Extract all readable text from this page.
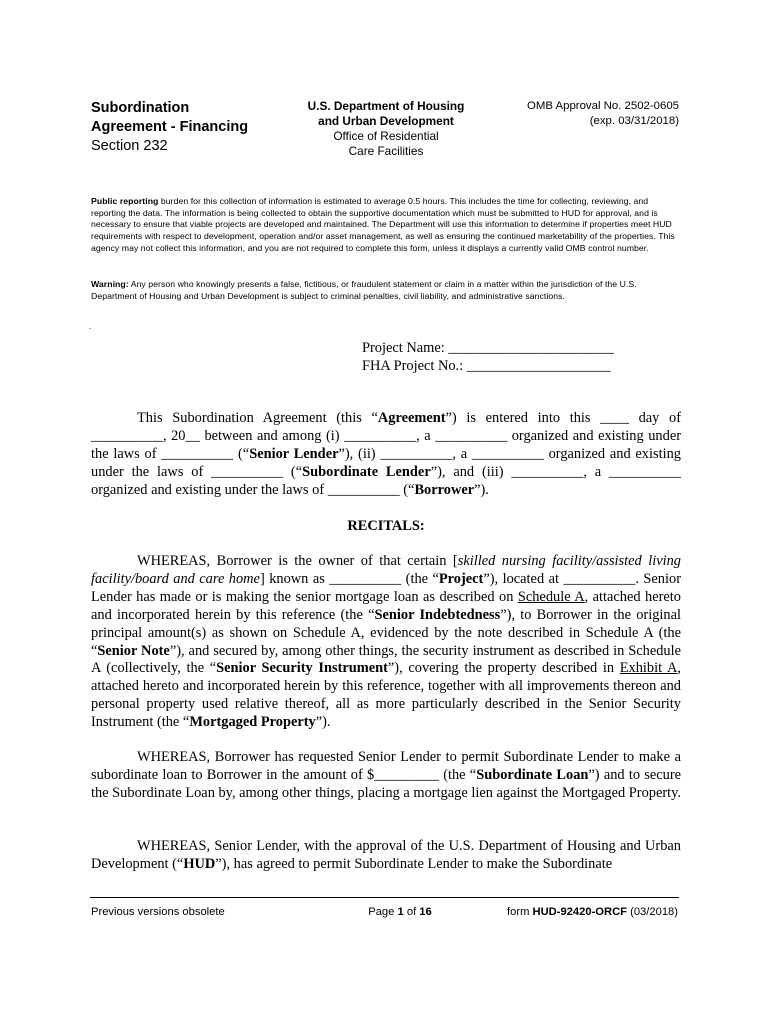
Subordination
Agreement - Financing
Section 232
U.S. Department of Housing
and Urban Development
Office of Residential
Care Facilities
OMB Approval No. 2502-0605
(exp. 03/31/2018)
Public reporting burden for this collection of information is estimated to average 0.5 hours. This includes the time for collecting, reviewing, and reporting the data. The information is being collected to obtain the supportive documentation which must be submitted to HUD for approval, and is necessary to ensure that viable projects are developed and maintained. The Department will use this information to determine if properties meet HUD requirements with respect to development, operation and/or asset management, as well as ensuring the continued marketability of the properties. This agency may not collect this information, and you are not required to complete this form, unless it displays a currently valid OMB control number.
Warning: Any person who knowingly presents a false, fictitious, or fraudulent statement or claim in a matter within the jurisdiction of the U.S. Department of Housing and Urban Development is subject to criminal penalties, civil liability, and administrative sanctions.
.
Project Name: _______________________
FHA Project No.: ____________________

This Subordination Agreement (this “Agreement”) is entered into this ____ day of __________, 20__ between and among (i) __________, a __________ organized and existing under the laws of __________ (“Senior Lender”), (ii) __________, a __________ organized and existing under the laws of __________ (“Subordinate Lender”), and (iii) __________, a __________ organized and existing under the laws of __________ (“Borrower”).

RECITALS:

WHEREAS, Borrower is the owner of that certain [skilled nursing facility/assisted living facility/board and care home] known as __________ (the “Project”), located at __________. Senior Lender has made or is making the senior mortgage loan as described on Schedule A, attached hereto and incorporated herein by this reference (the “Senior Indebtedness”), to Borrower in the original principal amount(s) as shown on Schedule A, evidenced by the note described in Schedule A (the “Senior Note”), and secured by, among other things, the security instrument as described in Schedule A (collectively, the “Senior Security Instrument”), covering the property described in Exhibit A, attached hereto and incorporated herein by this reference, together with all improvements thereon and personal property used relative thereof, all as more particularly described in the Senior Security Instrument (the “Mortgaged Property”).

WHEREAS, Borrower has requested Senior Lender to permit Subordinate Lender to make a subordinate loan to Borrower in the amount of $_________ (the “Subordinate Loan”) and to secure the Subordinate Loan by, among other things, placing a mortgage lien against the Mortgaged Property.

WHEREAS, Senior Lender, with the approval of the U.S. Department of Housing and Urban Development (“HUD”), has agreed to permit Subordinate Lender to make the Subordinate

Previous versions obsolete	Page 1 of 16	form HUD-92420-ORCF (03/2018)
